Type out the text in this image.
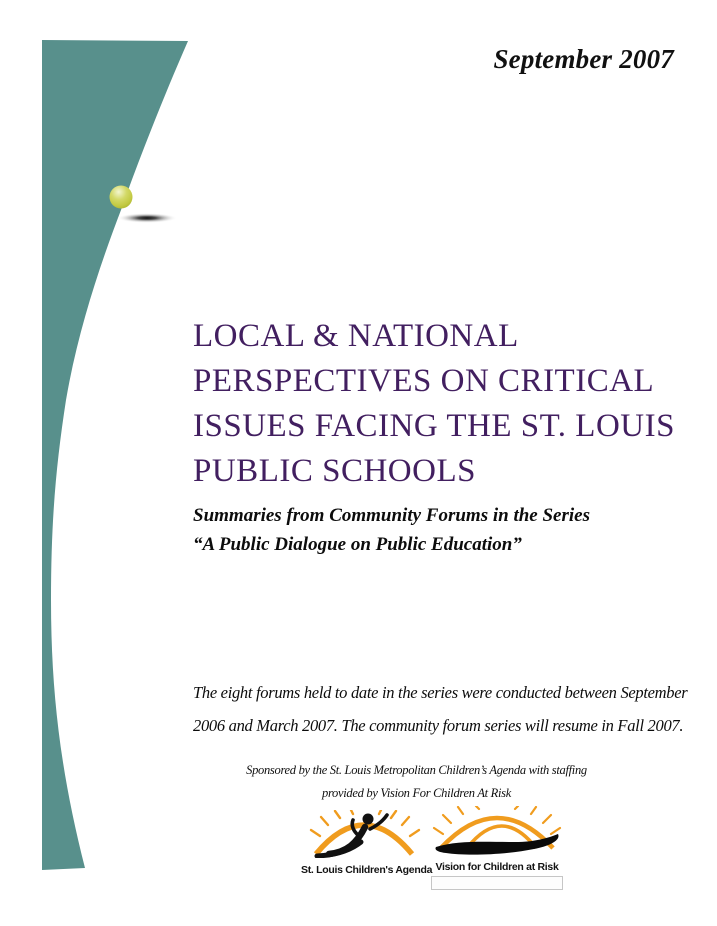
September 2007
LOCAL & NATIONAL
PERSPECTIVES ON CRITICAL
ISSUES FACING THE ST. LOUIS
PUBLIC SCHOOLS
Summaries from Community Forums in the Series
“A Public Dialogue on Public Education”
The eight forums held to date in the series were conducted between September
2006 and March 2007. The community forum series will resume in Fall 2007.
Sponsored by the St. Louis Metropolitan Children’s Agenda with staffing
provided by Vision For Children At Risk
St. Louis Children's Agenda Vision for Children at Risk
